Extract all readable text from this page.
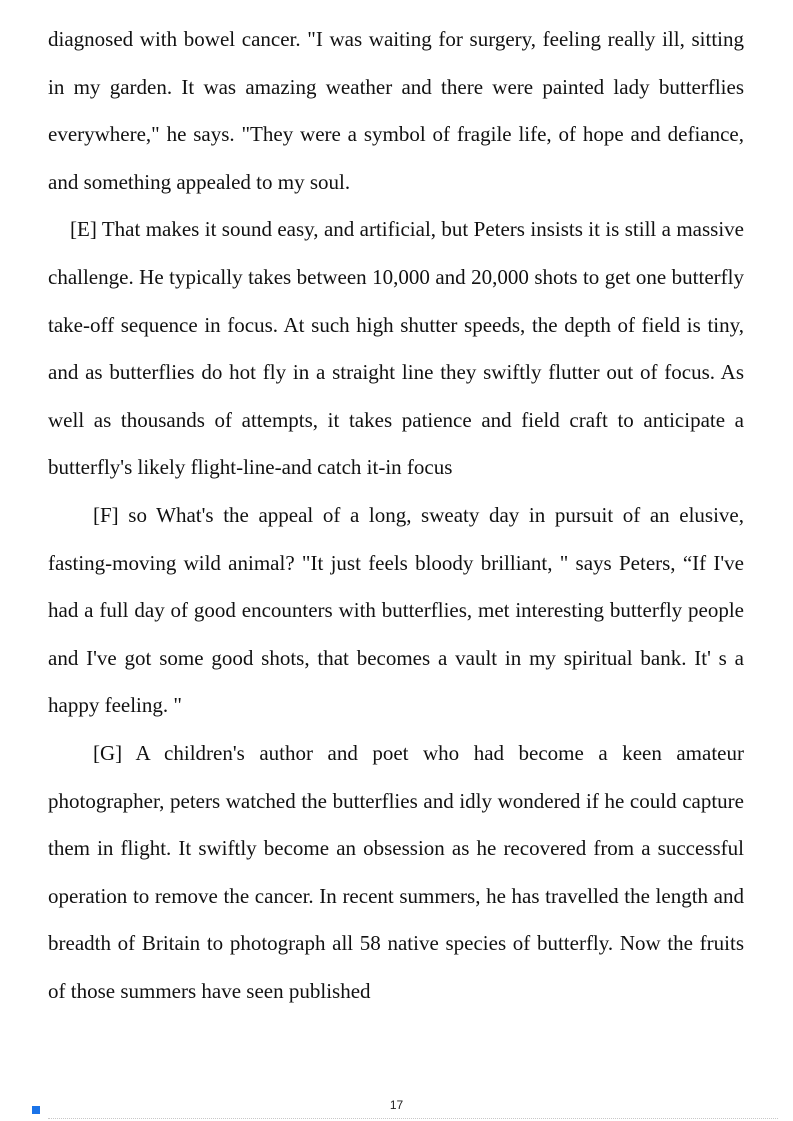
diagnosed with bowel cancer. "I was waiting for surgery, feeling really ill, sitting in my garden. It was amazing weather and there were painted lady butterflies everywhere," he says. "They were a symbol of fragile life, of hope and defiance, and something appealed to my soul.

[E] That makes it sound easy, and artificial, but Peters insists it is still a massive challenge. He typically takes between 10,000 and 20,000 shots to get one butterfly take-off sequence in focus. At such high shutter speeds, the depth of field is tiny, and as butterflies do hot fly in a straight line they swiftly flutter out of focus. As well as thousands of attempts, it takes patience and field craft to anticipate a butterfly's likely flight-line-and catch it-in focus

[F] so What's the appeal of a long, sweaty day in pursuit of an elusive, fasting-moving wild animal? "It just feels bloody brilliant, " says Peters, “If I've had a full day of good encounters with butterflies, met interesting butterfly people and I've got some good shots, that becomes a vault in my spiritual bank. It' s a happy feeling. "

[G] A children's author and poet who had become a keen amateur photographer, peters watched the butterflies and idly wondered if he could capture them in flight. It swiftly become an obsession as he recovered from a successful operation to remove the cancer. In recent summers, he has travelled the length and breadth of Britain to photograph all 58 native species of butterfly. Now the fruits of those summers have seen published

17
